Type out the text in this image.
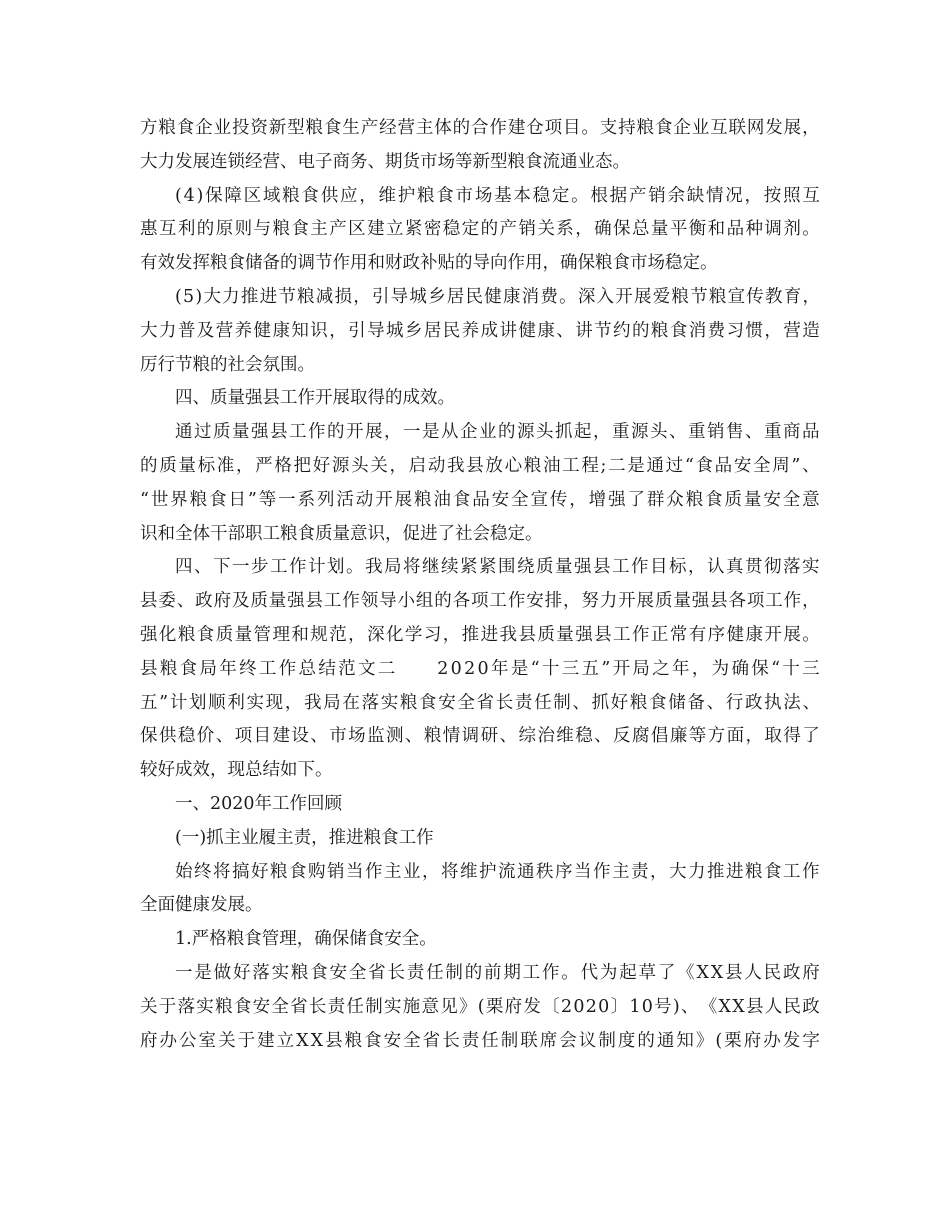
方 粮 食 企 业 投 资 新 型 粮 食 生 产 经 营 主 体 的 合 作 建 仓 项 目 。 支 持 粮 食 企 业 互 联 网 发 展 ，
大力发展连锁经营、电子商务、期货市场等新型粮食流通业态。
( 4 ) 保 障 区 域 粮 食 供 应 ， 维 护 粮 食 市 场 基 本 稳 定 。 根 据 产 销 余 缺 情 况 ， 按 照 互
惠 互 利 的 原 则 与 粮 食 主 产 区 建 立 紧 密 稳 定 的 产 销 关 系 ， 确 保 总 量 平 衡 和 品 种 调 剂 。
有效发挥粮食储备的调节作用和财政补贴的导向作用，确保粮食市场稳定。
( 5 ) 大 力 推 进 节 粮 减 损 ， 引 导 城 乡 居 民 健 康 消 费 。 深 入 开 展 爱 粮 节 粮 宣 传 教 育 ，
大 力 普 及 营 养 健 康 知 识 ， 引 导 城 乡 居 民 养 成 讲 健 康 、 讲 节 约 的 粮 食 消 费 习 惯 ， 营 造
厉行节粮的社会氛围。
四、质量强县工作开展取得的成效。
通 过 质 量 强 县 工 作 的 开 展 ， 一 是 从 企 业 的 源 头 抓 起 ， 重 源 头 、 重 销 售 、 重 商 品
的 质 量 标 准 ， 严 格 把 好 源 头 关 ， 启 动 我 县 放 心 粮 油 工 程 ; 二 是 通 过 “ 食 品 安 全 周 ” 、
“ 世 界 粮 食 日 ” 等 一 系 列 活 动 开 展 粮 油 食 品 安 全 宣 传 ， 增 强 了 群 众 粮 食 质 量 安 全 意
识和全体干部职工粮食质量意识，促进了社会稳定。
四 、 下 一 步 工 作 计 划 。 我 局 将 继 续 紧 紧 围 绕 质 量 强 县 工 作 目 标 ， 认 真 贯 彻 落 实
县 委 、 政 府 及 质 量 强 县 工 作 领 导 小 组 的 各 项 工 作 安 排 ， 努 力 开 展 质 量 强 县 各 项 工 作 ，
强 化 粮 食 质 量 管 理 和 规 范 ， 深 化 学 习 ， 推 进 我 县 质 量 强 县 工 作 正 常 有 序 健 康 开 展 。
县 粮 食 局 年 终 工 作 总 结 范 文 二

　 2 0 2 0 年 是 “ 十 三 五 ” 开 局 之 年 ， 为 确 保 “ 十 三
五 ” 计 划 顺 利 实 现 ， 我 局 在 落 实 粮 食 安 全 省 长 责 任 制 、 抓 好 粮 食 储 备 、 行 政 执 法 、
保 供 稳 价 、 项 目 建 设 、 市 场 监 测 、 粮 情 调 研 、 综 治 维 稳 、 反 腐 倡 廉 等 方 面 ， 取 得 了
较好成效，现总结如下。
一、2020年工作回顾
(一)抓主业履主责，推进粮食工作
始 终 将 搞 好 粮 食 购 销 当 作 主 业 ， 将 维 护 流 通 秩 序 当 作 主 责 ， 大 力 推 进 粮 食 工 作
全面健康发展。
1.严格粮食管理，确保储食安全。
一 是 做 好 落 实 粮 食 安 全 省 长 责 任 制 的 前 期 工 作 。 代 为 起 草 了 《 X X 县 人 民 政 府
关 于 落 实 粮 食 安 全 省 长 责 任 制 实 施 意 见 》 ( 栗 府 发 〔 2 0 2 0 〕 1 0 号 ) 、 《 X X 县 人 民 政
府 办 公 室 关 于 建 立 X X 县 粮 食 安 全 省 长 责 任 制 联 席 会 议 制 度 的 通 知 》 ( 栗 府 办 发 字
